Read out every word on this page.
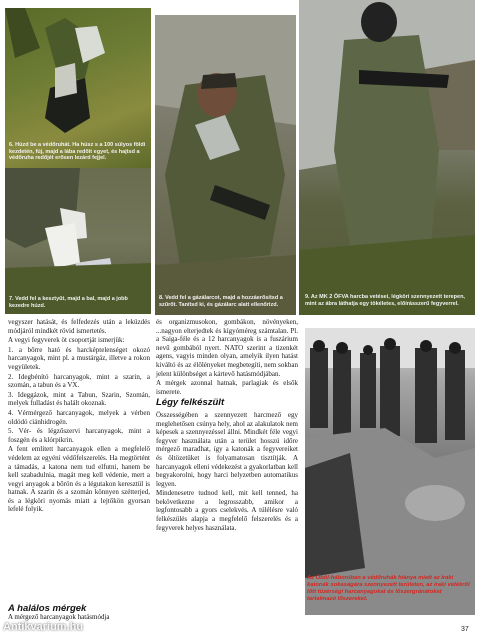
6. Húzd be a védőruhát. Ha húsz s a 100 súlyos földi kezdetén, fúj, majd a lába redőit egyet, és hajtsd a védőruha redőjét erősen lezárd fejjel.
7. Vedd fel a kesztyűt, majd a bal, majd a jobb kezedre húzd.
8. Vedd fel a gázálarcot, majd a hozzáerősítsd a szűrőt. Tanítsd ki, és gázálarc alatt ellenőrizd.
9. Az MK 2 ÖFVA harcba vetései, légköri szennyezett terepen, mint az ábra láthatja egy tökéletes, előírásszerű fegyverrel.
Az Öböl-háborúban a védőruhák hiánya miatt az iraki katonák sokaságára szennyezett területen, az iraki vidékről lőtt tüzérségi harcanyagokat és lőszergránátokat tartalmazó lőszereket.

vegyszer hatását, és felfedezés után a leküzdés módjáról mindkét rövid ismertetés.

A vegyi fegyverek öt csoportját ismerjük:

1. a bőrre ható és harcképtelenséget okozó harcanyagok, mint pl. a mustárgáz, illetve a rokon vegyületek.
2. Idegbénító harcanyagok, mint a szarin, a szomán, a tabun és a VX.
3. Ideggázok, mint a Tabun, Szarin, Szomán, melyek fulladást és halált okoznak.
4. Vérmérgező harcanyagok, melyek a vérben oldódó ciánhidrogén.
5. Vér- és légzőszervi harcanyagok, mint a foszgén és a klórpikrin.

A fent említett harcanyagok ellen a megfelelő védelem az egyéni védőfelszerelés. Ha megtörtént a támadás, a katona nem tud elfutni, hanem be kell szabadulnia, magát meg kell védenie, mert a vegyi anyagok a bőrön és a légutakon keresztül is hatnak. A szarin és a szomán könnyen szétterjed, és a légköri nyomás miatt a lejtőkön gyorsan lefelé folyik.

A halálos mérgek
A mérgező harcanyagok hatásmódja

és organizmusokon, gombákon, növényeken, ...nagyon elterjedtek és kígyóméreg számtalan. Pl. a Saiga-féle és a 12 harcanyagok is a fuszárium nevű gombából nyert. NATO szerint a tizenkét agens, vagyis minden olyan, amelyik ilyen hatást kiváltó és az élőlényeket megbetegíti, nem sokban jelent különbséget a kártevő hatásmódjában.

A mérgek azonnal hatnak, parlagiak és elsők ismerete.

Légy felkészült

Összességében a szennyezett harcmező egy meglehetősen csúnya hely, ahol az alakulatok nem képesek a szennyezéssel állni. Mindkét féle vegyi fegyver használata után a terület hosszú időre mérgező maradhat, így a katonák a fegyvereiket és öltözetüket is folyamatosan tisztítják. A harcanyagok elleni védekezést a gyakorlatban kell begyakorolni, hogy harci helyzetben automatikus legyen.

Mindenesetre tudnod kell, mit kell tenned, ha bekövetkezne a legrosszabb, amikor a legfontosabb a gyors cselekvés. A túlélésre való felkészülés alapja a megfelelő felszerelés és a fegyverek helyes használata.

37
Antikvarium.hu
